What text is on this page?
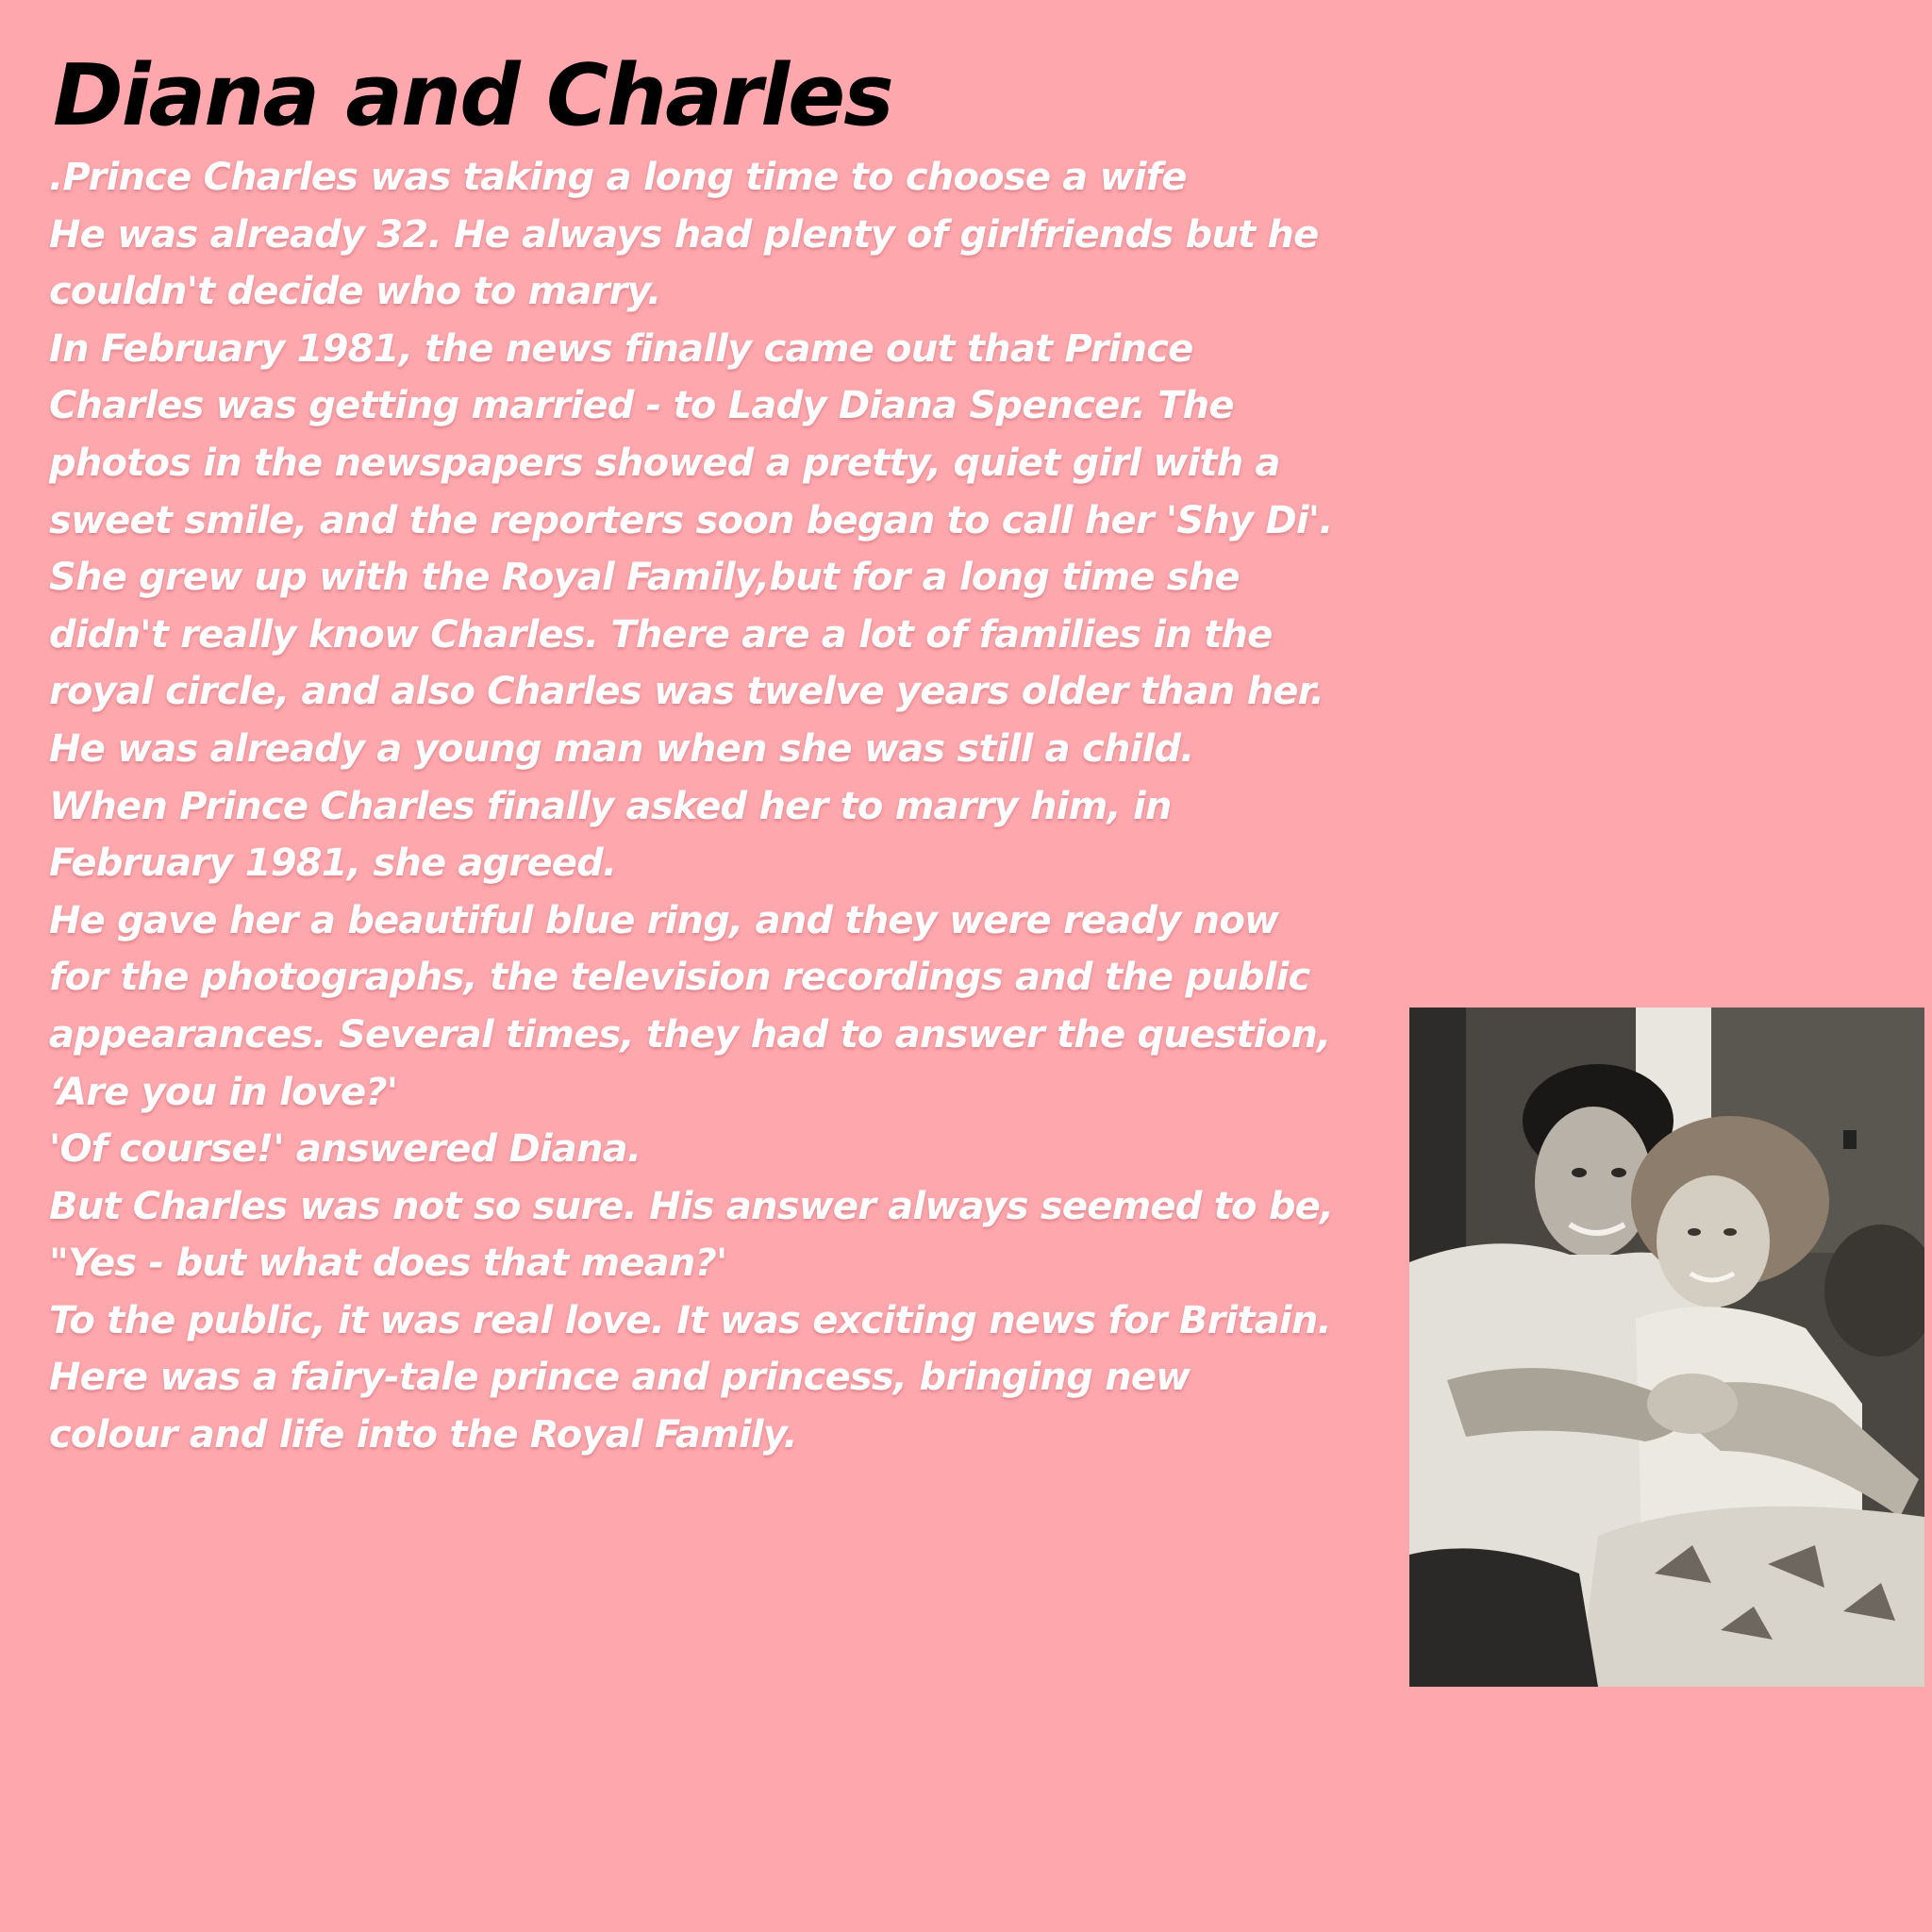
Diana and Charles
.Prince Charles was taking a long time to choose a wife
He was already 32. He always had plenty of girlfriends but he
couldn't decide who to marry.
In February 1981, the news finally came out that Prince
Charles was getting married - to Lady Diana Spencer. The
photos in the newspapers showed a pretty, quiet girl with a
sweet smile, and the reporters soon began to call her 'Shy Di'.
She grew up with the Royal Family,but for a long time she
didn't really know Charles. There are a lot of families in the
royal circle, and also Charles was twelve years older than her.
He was already a young man when she was still a child.
When Prince Charles finally asked her to marry him, in
February 1981, she agreed.
He gave her a beautiful blue ring, and they were ready now
for the photographs, the television recordings and the public
appearances. Several times, they had to answer the question,
‘Are you in love?'
'Of course!' answered Diana.
But Charles was not so sure. His answer always seemed to be,
"Yes - but what does that mean?'
To the public, it was real love. It was exciting news for Britain.
Here was a fairy-tale prince and princess, bringing new
colour and life into the Royal Family.
